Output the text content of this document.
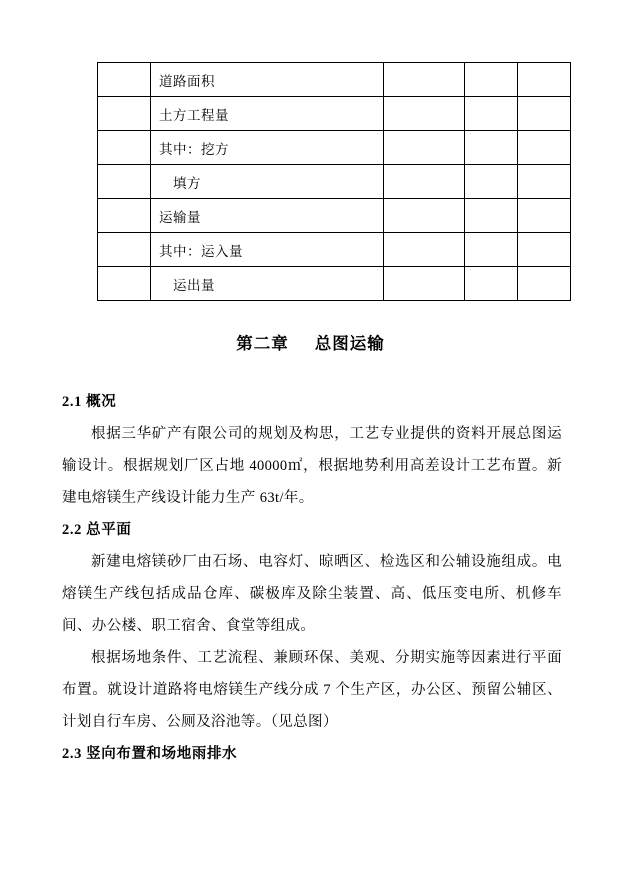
	道路面积			
	土方工程量			
	其中：挖方			
	填方			
	运输量			
	其中：运入量			
	运出量			
第二章 总图运输

2.1 概况

根据三华矿产有限公司的规划及构思，工艺专业提供的资料开展总图运输设计。根据规划厂区占地 40000㎡，根据地势利用高差设计工艺布置。新建电熔镁生产线设计能力生产 63t/年。

2.2 总平面

新建电熔镁砂厂由石场、电容灯、晾晒区、检选区和公辅设施组成。电熔镁生产线包括成品仓库、碳极库及除尘装置、高、低压变电所、机修车间、办公楼、职工宿舍、食堂等组成。

根据场地条件、工艺流程、兼顾环保、美观、分期实施等因素进行平面布置。就设计道路将电熔镁生产线分成 7 个生产区，办公区、预留公辅区、计划自行车房、公厕及浴池等。（见总图）

2.3 竖向布置和场地雨排水
